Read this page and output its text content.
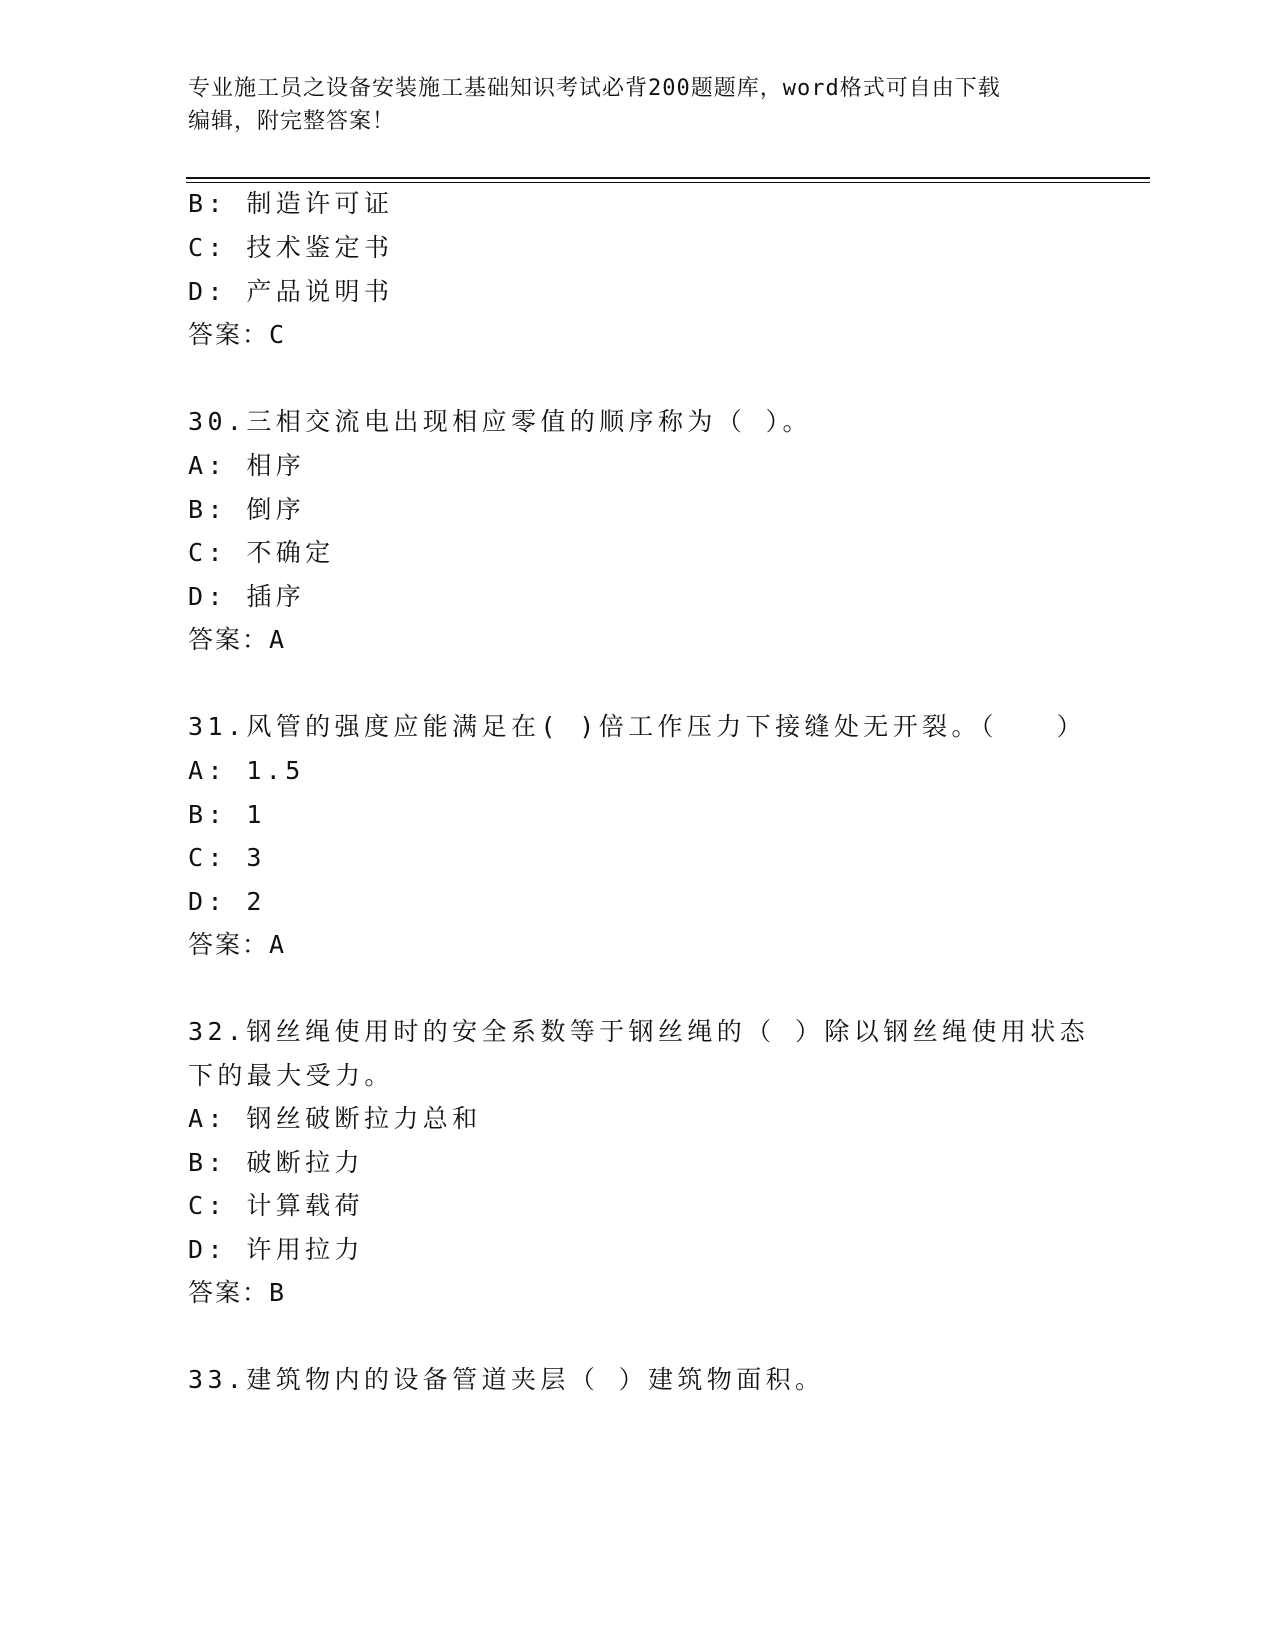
专业施工员之设备安装施工基础知识考试必背200题题库，word格式可自由下载
编辑，附完整答案！
B: 制造许可证
C: 技术鉴定书
D: 产品说明书
答案：C
30.三相交流电出现相应零值的顺序称为（ ）。
A: 相序
B: 倒序
C: 不确定
D: 插序
答案：A
31.风管的强度应能满足在( )倍工作压力下接缝处无开裂。（　　）
A: 1.5
B: 1
C: 3
D: 2
答案：A
32.钢丝绳使用时的安全系数等于钢丝绳的（ ）除以钢丝绳使用状态
下的最大受力。
A: 钢丝破断拉力总和
B: 破断拉力
C: 计算载荷
D: 许用拉力
答案：B
33.建筑物内的设备管道夹层（ ）建筑物面积。
